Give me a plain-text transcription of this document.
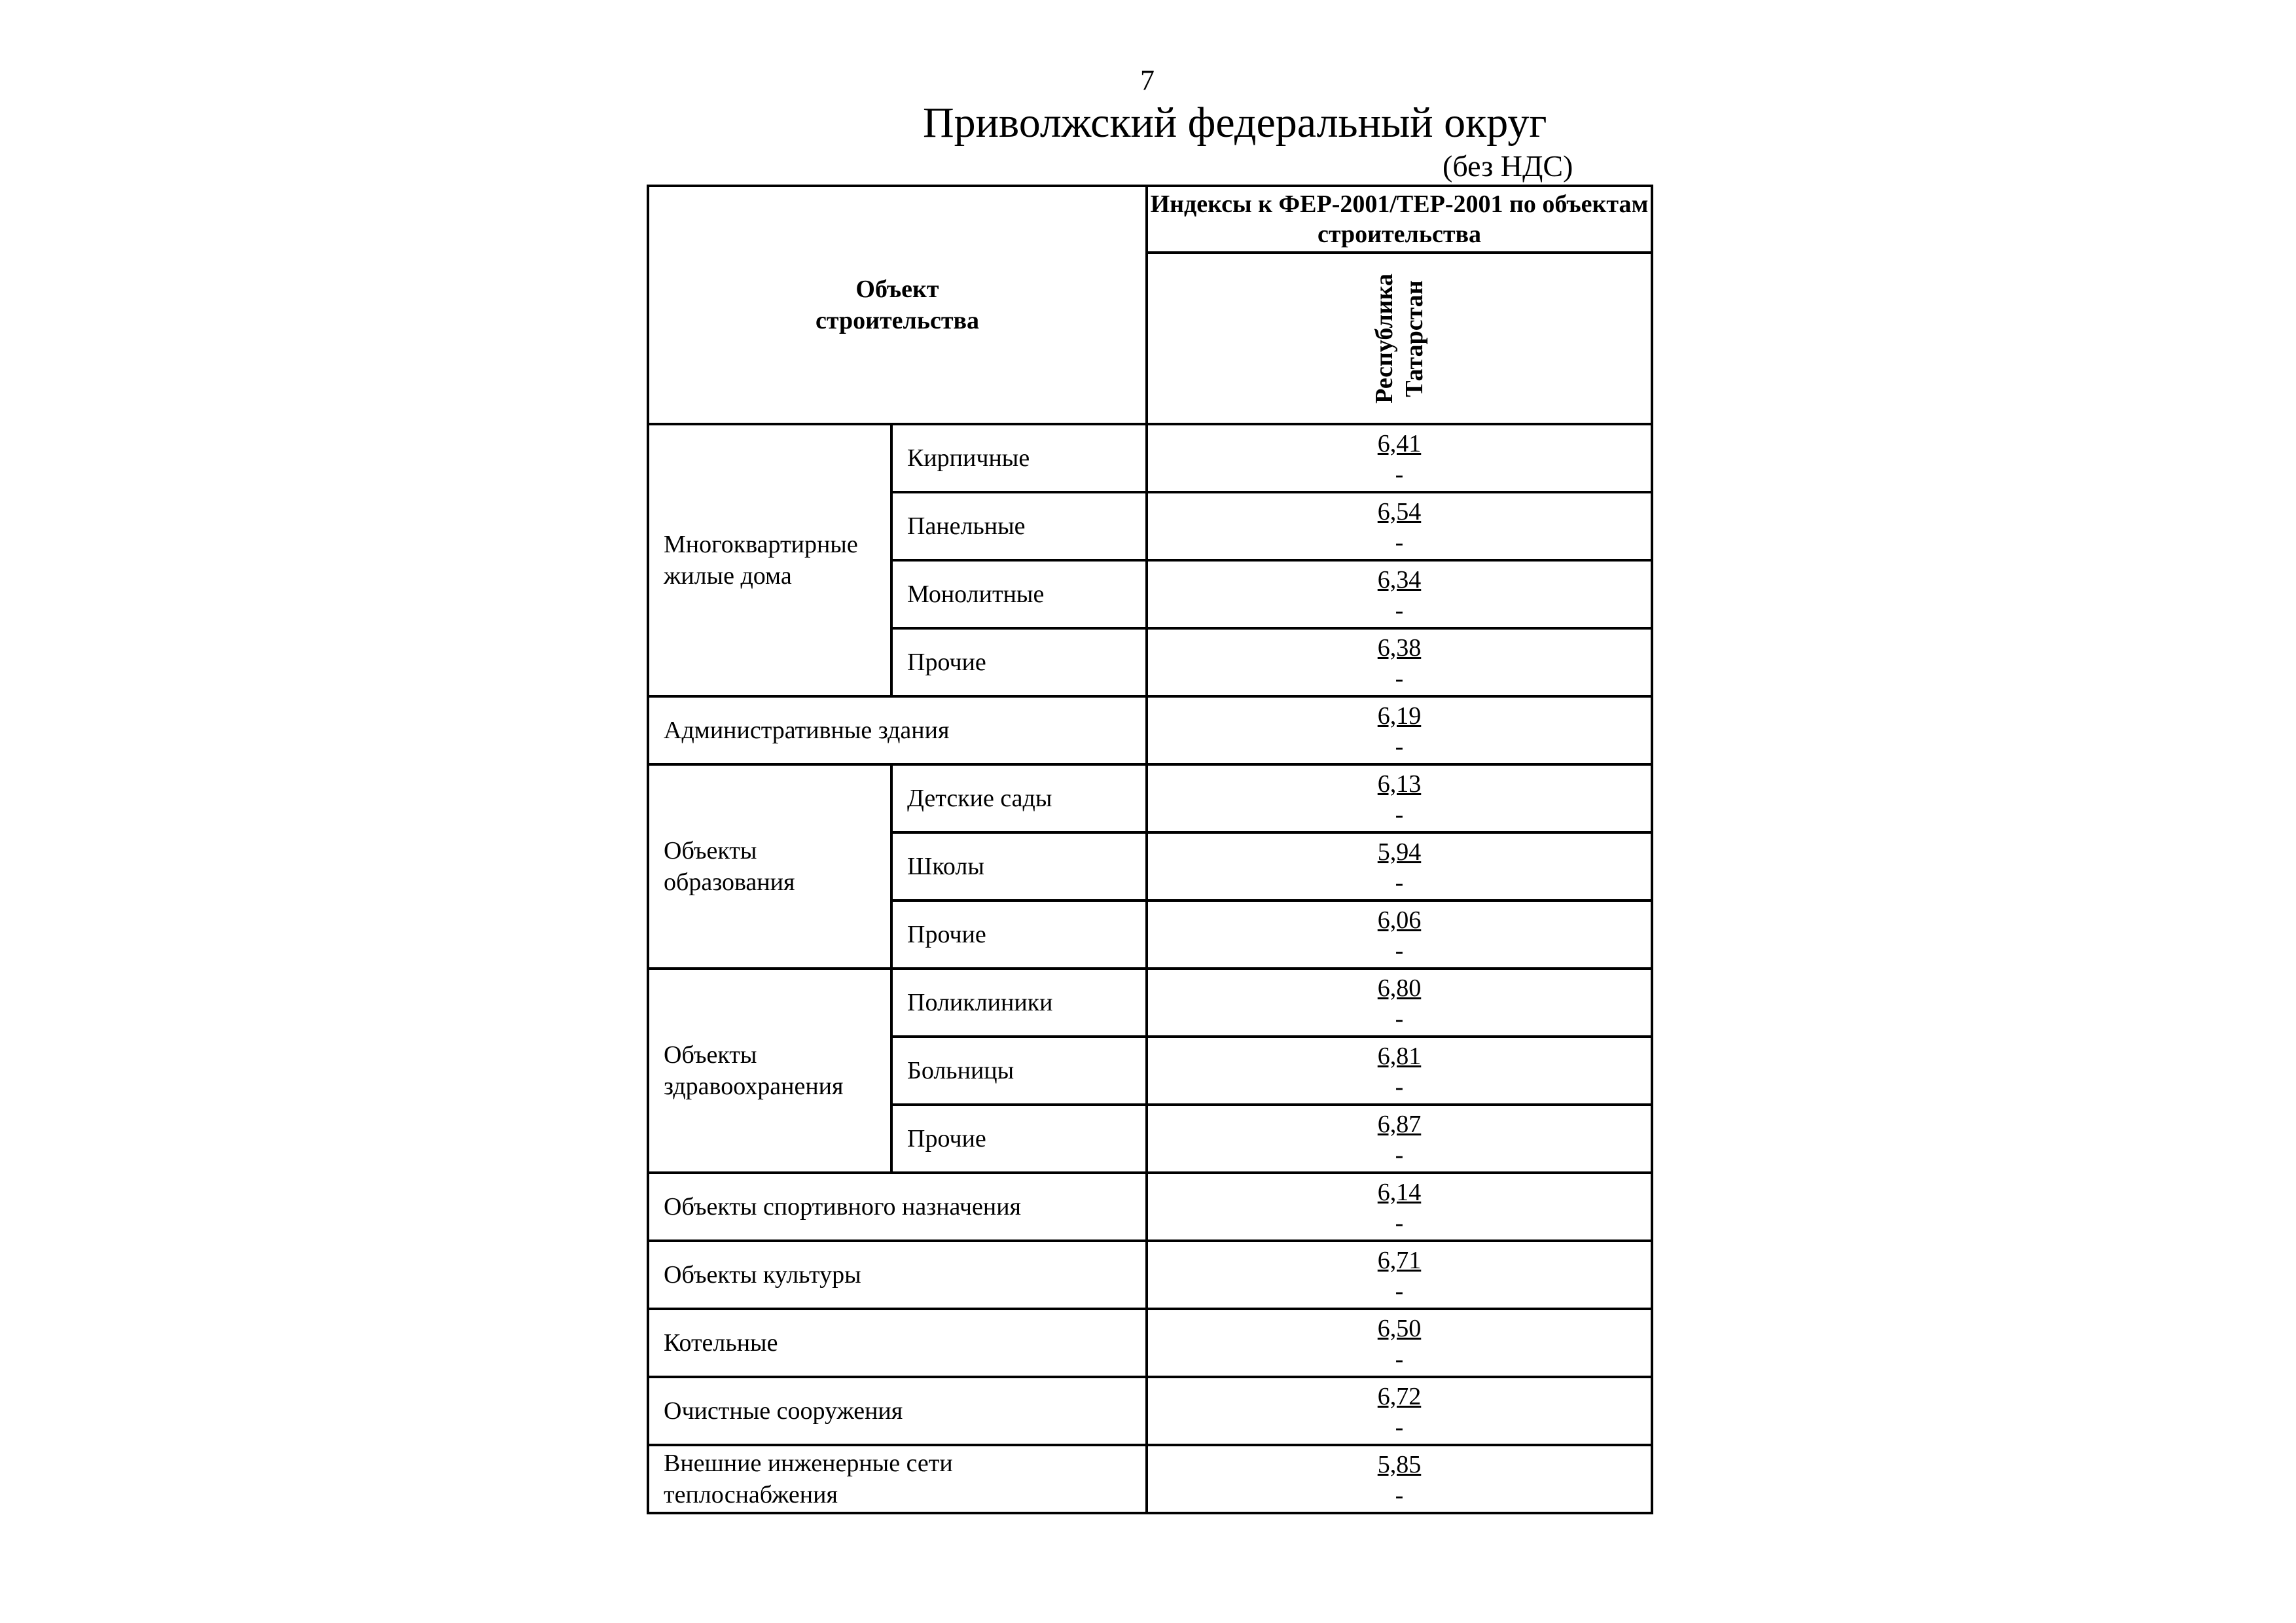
7
Приволжский федеральный округ
(без НДС)
Объект
строительства		Индексы к ФЕР-2001/ТЕР-2001 по объектам строительства

		Республика Татарстан

Многоквартирные
жилые дома	Кирпичные	6,41
-

	Панельные	6,54
-

	Монолитные	6,34
-

	Прочие	6,38
-

Административные здания		6,19
-

Объекты
образования	Детские сады	6,13
-

	Школы	5,94
-

	Прочие	6,06
-

Объекты
здравоохранения	Поликлиники	6,80
-

	Больницы	6,81
-

	Прочие	6,87
-

Объекты спортивного назначения		6,14
-

Объекты культуры		6,71
-

Котельные		6,50
-

Очистные сооружения		6,72
-

Внешние инженерные сети
теплоснабжения		5,85
-
